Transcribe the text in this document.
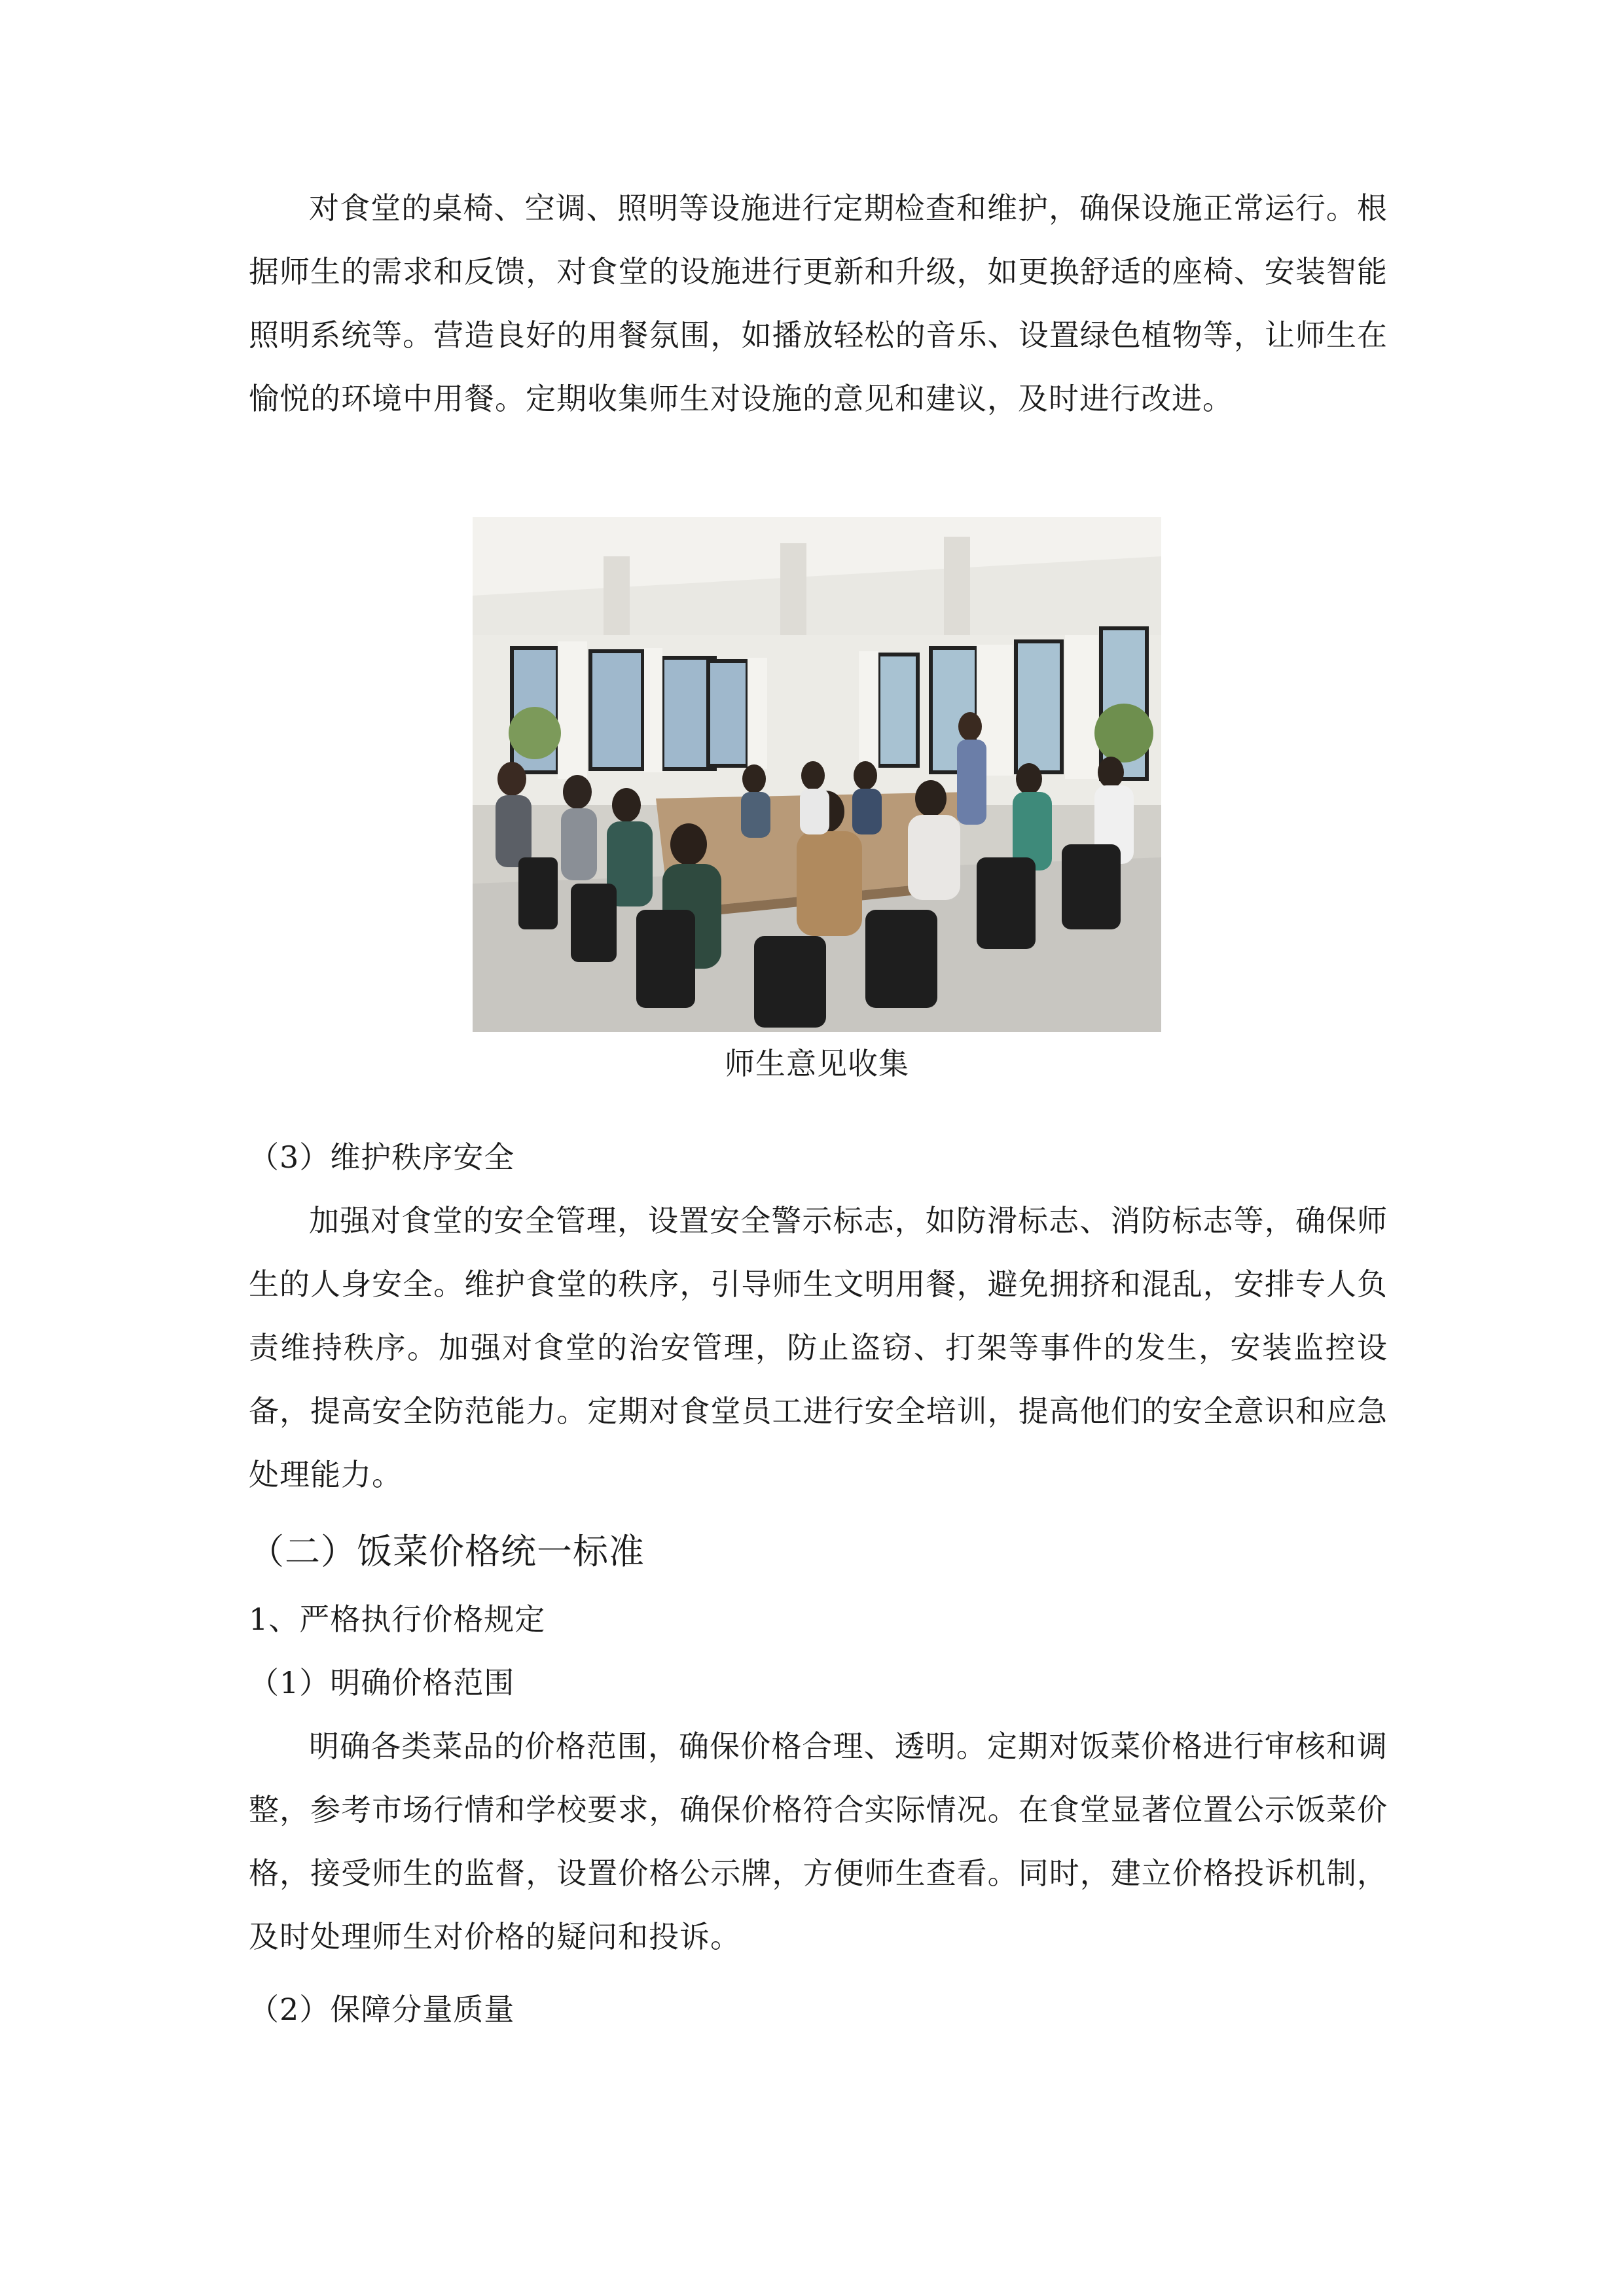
对食堂的桌椅、空调、照明等设施进行定期检查和维护，确保设施正常运行。根据师生的需求和反馈，对食堂的设施进行更新和升级，如更换舒适的座椅、安装智能照明系统等。营造良好的用餐氛围，如播放轻松的音乐、设置绿色植物等，让师生在愉悦的环境中用餐。定期收集师生对设施的意见和建议，及时进行改进。

师生意见收集

（3）维护秩序安全

加强对食堂的安全管理，设置安全警示标志，如防滑标志、消防标志等，确保师生的人身安全。维护食堂的秩序，引导师生文明用餐，避免拥挤和混乱，安排专人负责维持秩序。加强对食堂的治安管理，防止盗窃、打架等事件的发生，安装监控设备，提高安全防范能力。定期对食堂员工进行安全培训，提高他们的安全意识和应急处理能力。

（二）饭菜价格统一标准

1、严格执行价格规定

（1）明确价格范围

明确各类菜品的价格范围，确保价格合理、透明。定期对饭菜价格进行审核和调整，参考市场行情和学校要求，确保价格符合实际情况。在食堂显著位置公示饭菜价格，接受师生的监督，设置价格公示牌，方便师生查看。同时，建立价格投诉机制，及时处理师生对价格的疑问和投诉。

（2）保障分量质量
